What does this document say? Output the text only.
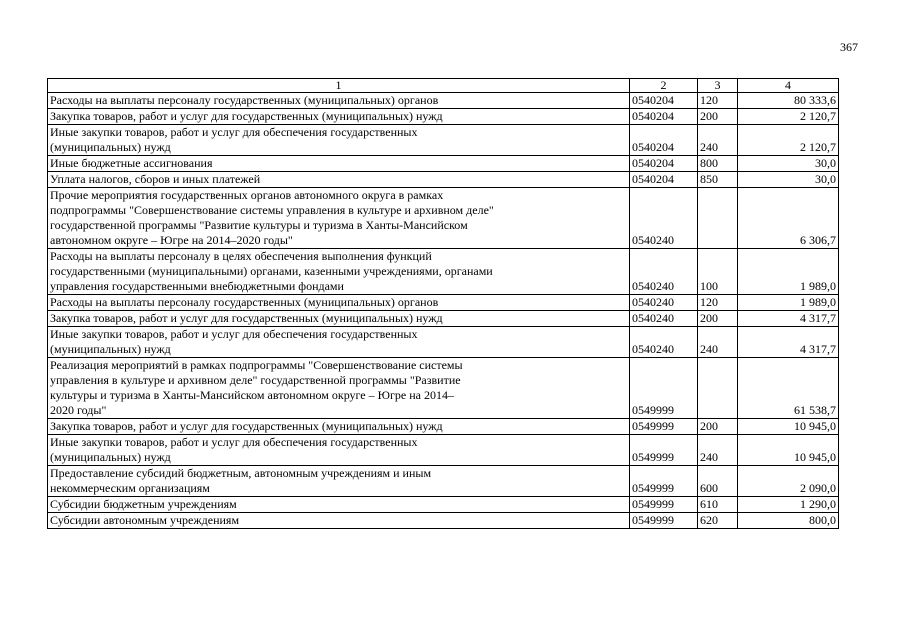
367
1	2	3	4
Расходы на выплаты персоналу государственных (муниципальных) органов	0540204	120	80 333,6
Закупка товаров, работ и услуг для государственных (муниципальных) нужд	0540204	200	2 120,7
Иные закупки товаров, работ и услуг для обеспечения государственных
(муниципальных) нужд	0540204	240	2 120,7
Иные бюджетные ассигнования	0540204	800	30,0
Уплата налогов, сборов и иных платежей	0540204	850	30,0
Прочие мероприятия государственных органов автономного округа в рамках
подпрограммы "Совершенствование системы управления в культуре и архивном деле"
государственной программы "Развитие культуры и туризма в Ханты-Мансийском
автономном округе – Югре на 2014–2020 годы"	0540240		6 306,7
Расходы на выплаты персоналу в целях обеспечения выполнения функций
государственными (муниципальными) органами, казенными учреждениями, органами
управления государственными внебюджетными фондами	0540240	100	1 989,0
Расходы на выплаты персоналу государственных (муниципальных) органов	0540240	120	1 989,0
Закупка товаров, работ и услуг для государственных (муниципальных) нужд	0540240	200	4 317,7
Иные закупки товаров, работ и услуг для обеспечения государственных
(муниципальных) нужд	0540240	240	4 317,7
Реализация мероприятий в рамках подпрограммы "Совершенствование системы
управления в культуре и архивном деле" государственной программы "Развитие
культуры и туризма в Ханты-Мансийском автономном округе – Югре на 2014–
2020 годы"	0549999		61 538,7
Закупка товаров, работ и услуг для государственных (муниципальных) нужд	0549999	200	10 945,0
Иные закупки товаров, работ и услуг для обеспечения государственных
(муниципальных) нужд	0549999	240	10 945,0
Предоставление субсидий бюджетным, автономным учреждениям и иным
некоммерческим организациям	0549999	600	2 090,0
Субсидии бюджетным учреждениям	0549999	610	1 290,0
Субсидии автономным учреждениям	0549999	620	800,0
